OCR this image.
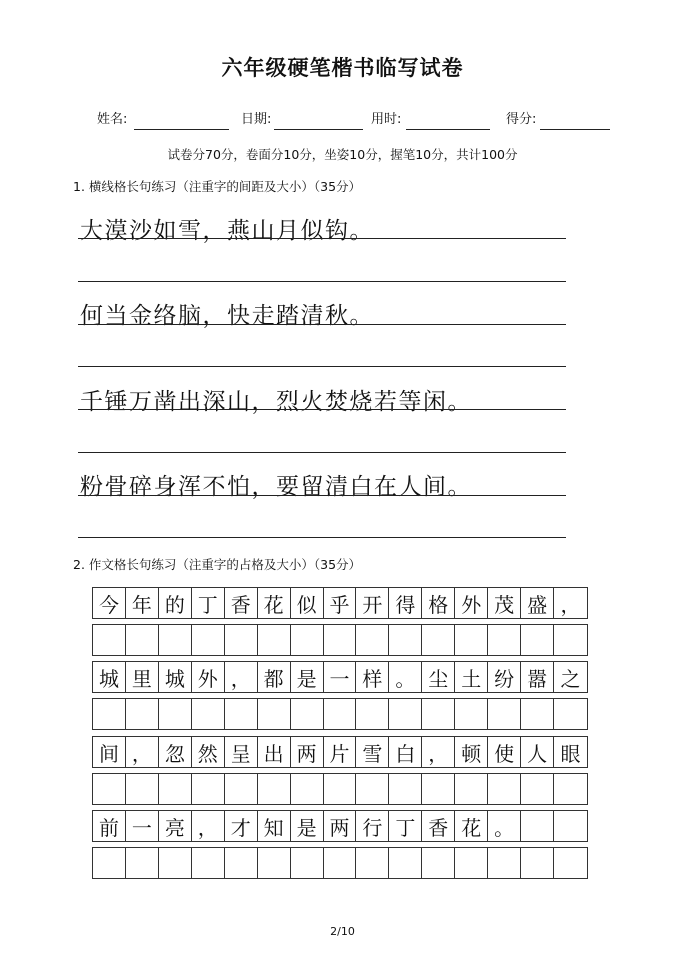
六年级硬笔楷书临写试卷
姓名:	日期:	用时:	得分:
试卷分70分，卷面分10分，坐姿10分，握笔10分，共计100分
1. 横线格长句练习（注重字的间距及大小）（35分）
大漠沙如雪，燕山月似钩。
何当金络脑，快走踏清秋。
千锤万凿出深山，烈火焚烧若等闲。
粉骨碎身浑不怕，要留清白在人间。
2. 作文格长句练习（注重字的占格及大小）（35分）
今 年 的 丁 香 花 似 乎 开 得 格 外 茂 盛 ，
城 里 城 外 ， 都 是 一 样 。 尘 土 纷 嚣 之
间 ， 忽 然 呈 出 两 片 雪 白 ， 顿 使 人 眼
前 一 亮 ， 才 知 是 两 行 丁 香 花 。
2/10
